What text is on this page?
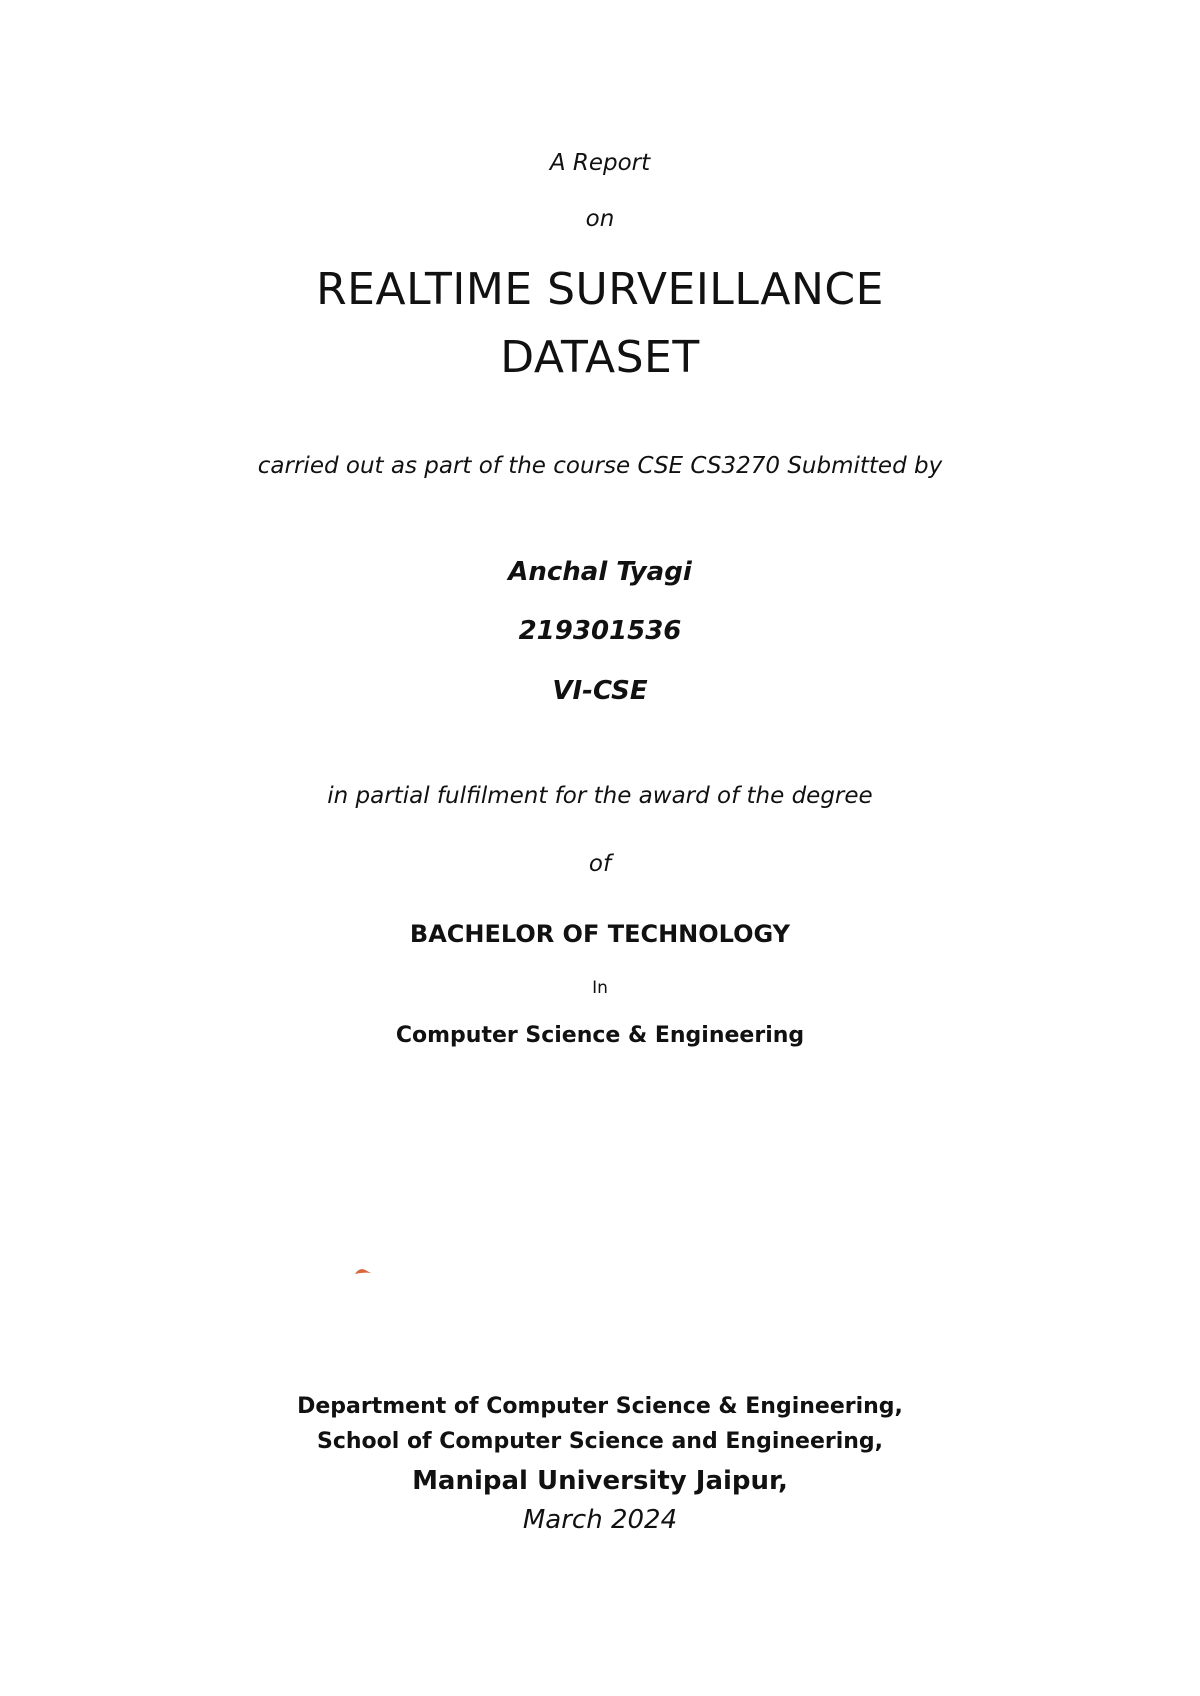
A Report
on
REALTIME SURVEILLANCE
DATASET
carried out as part of the course CSE CS3270 Submitted by
Anchal Tyagi
219301536
VI-CSE
in partial fulfilment for the award of the degree
of
BACHELOR OF TECHNOLOGY
In
Computer Science & Engineering
Department of Computer Science & Engineering,
School of Computer Science and Engineering,
Manipal University Jaipur,
March 2024
